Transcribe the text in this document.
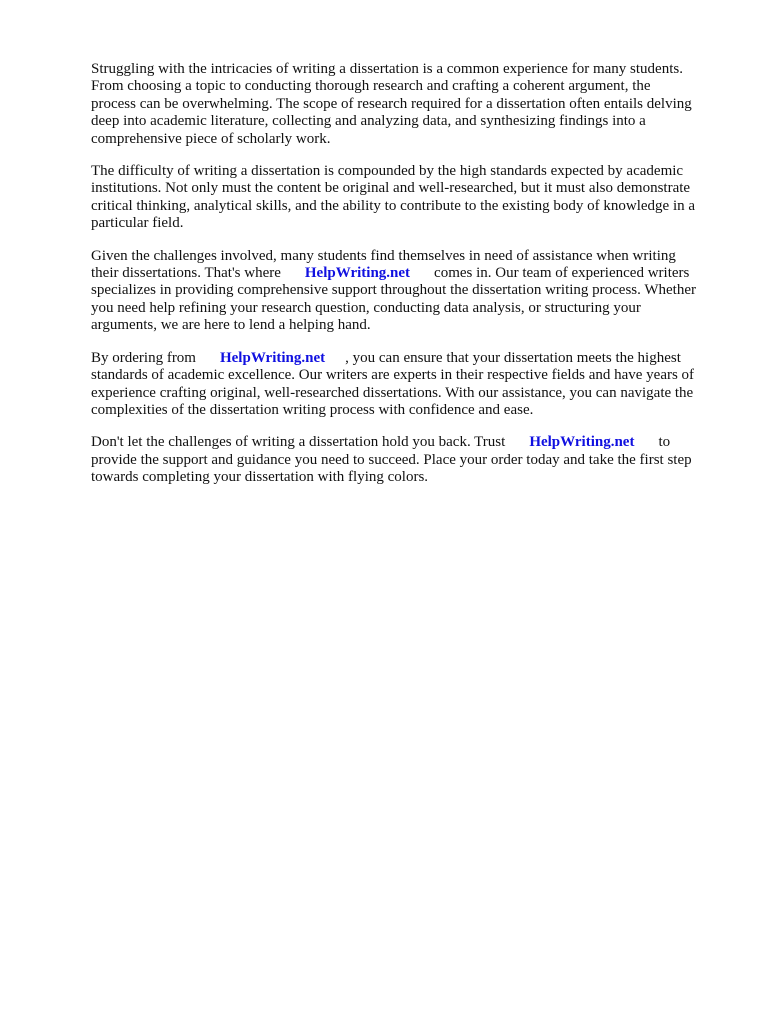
Struggling with the intricacies of writing a dissertation is a common experience for many students.
From choosing a topic to conducting thorough research and crafting a coherent argument, the
process can be overwhelming. The scope of research required for a dissertation often entails delving
deep into academic literature, collecting and analyzing data, and synthesizing findings into a
comprehensive piece of scholarly work.

The difficulty of writing a dissertation is compounded by the high standards expected by academic
institutions. Not only must the content be original and well-researched, but it must also demonstrate
critical thinking, analytical skills, and the ability to contribute to the existing body of knowledge in a
particular field.

Given the challenges involved, many students find themselves in need of assistance when writing
their dissertations. That's where HelpWriting.net comes in. Our team of experienced writers
specializes in providing comprehensive support throughout the dissertation writing process. Whether
you need help refining your research question, conducting data analysis, or structuring your
arguments, we are here to lend a helping hand.

By ordering from HelpWriting.net , you can ensure that your dissertation meets the highest
standards of academic excellence. Our writers are experts in their respective fields and have years of
experience crafting original, well-researched dissertations. With our assistance, you can navigate the
complexities of the dissertation writing process with confidence and ease.

Don't let the challenges of writing a dissertation hold you back. Trust HelpWriting.net to
provide the support and guidance you need to succeed. Place your order today and take the first step
towards completing your dissertation with flying colors.
